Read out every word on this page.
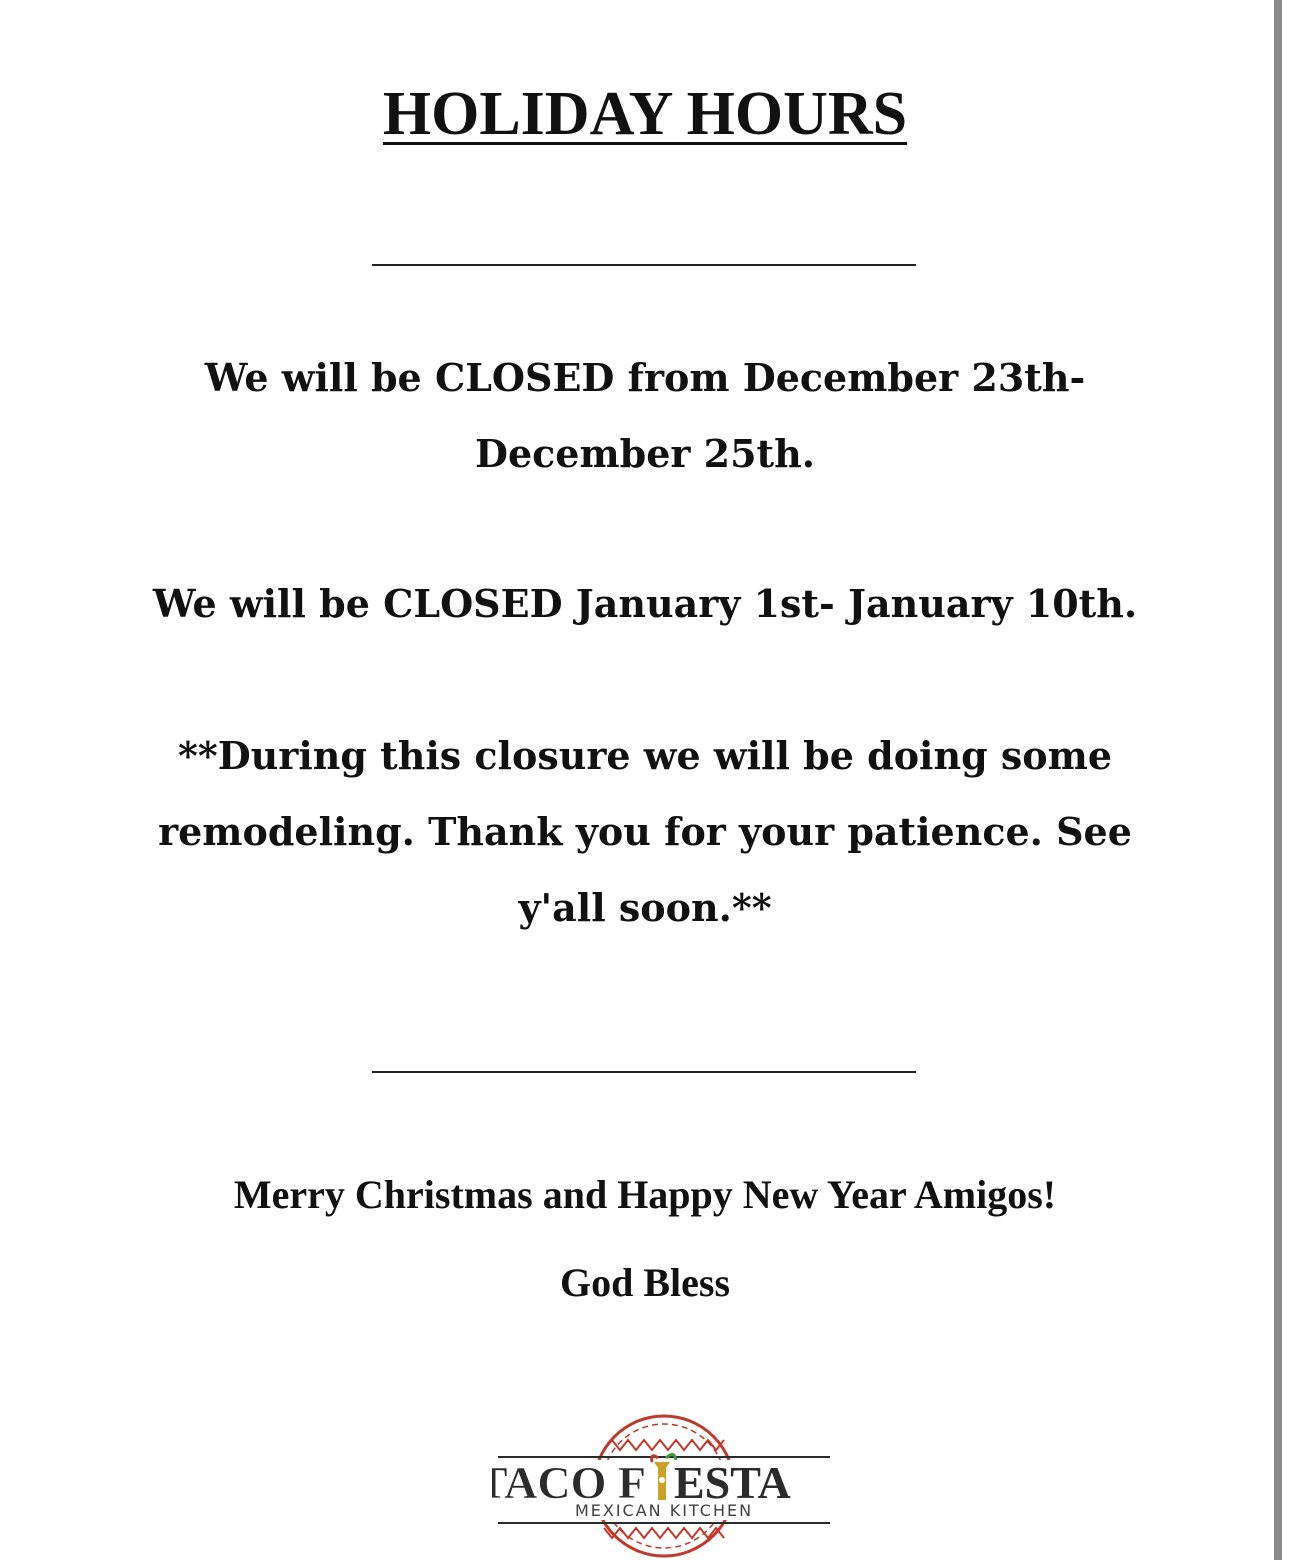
HOLIDAY HOURS

We will be CLOSED from December 23th- December 25th.

We will be CLOSED January 1st- January 10th.

**During this closure we will be doing some remodeling. Thank you for your patience. See y'all soon.**

Merry Christmas and Happy New Year Amigos!

God Bless

TACO F ESTA
MEXICAN KITCHEN
